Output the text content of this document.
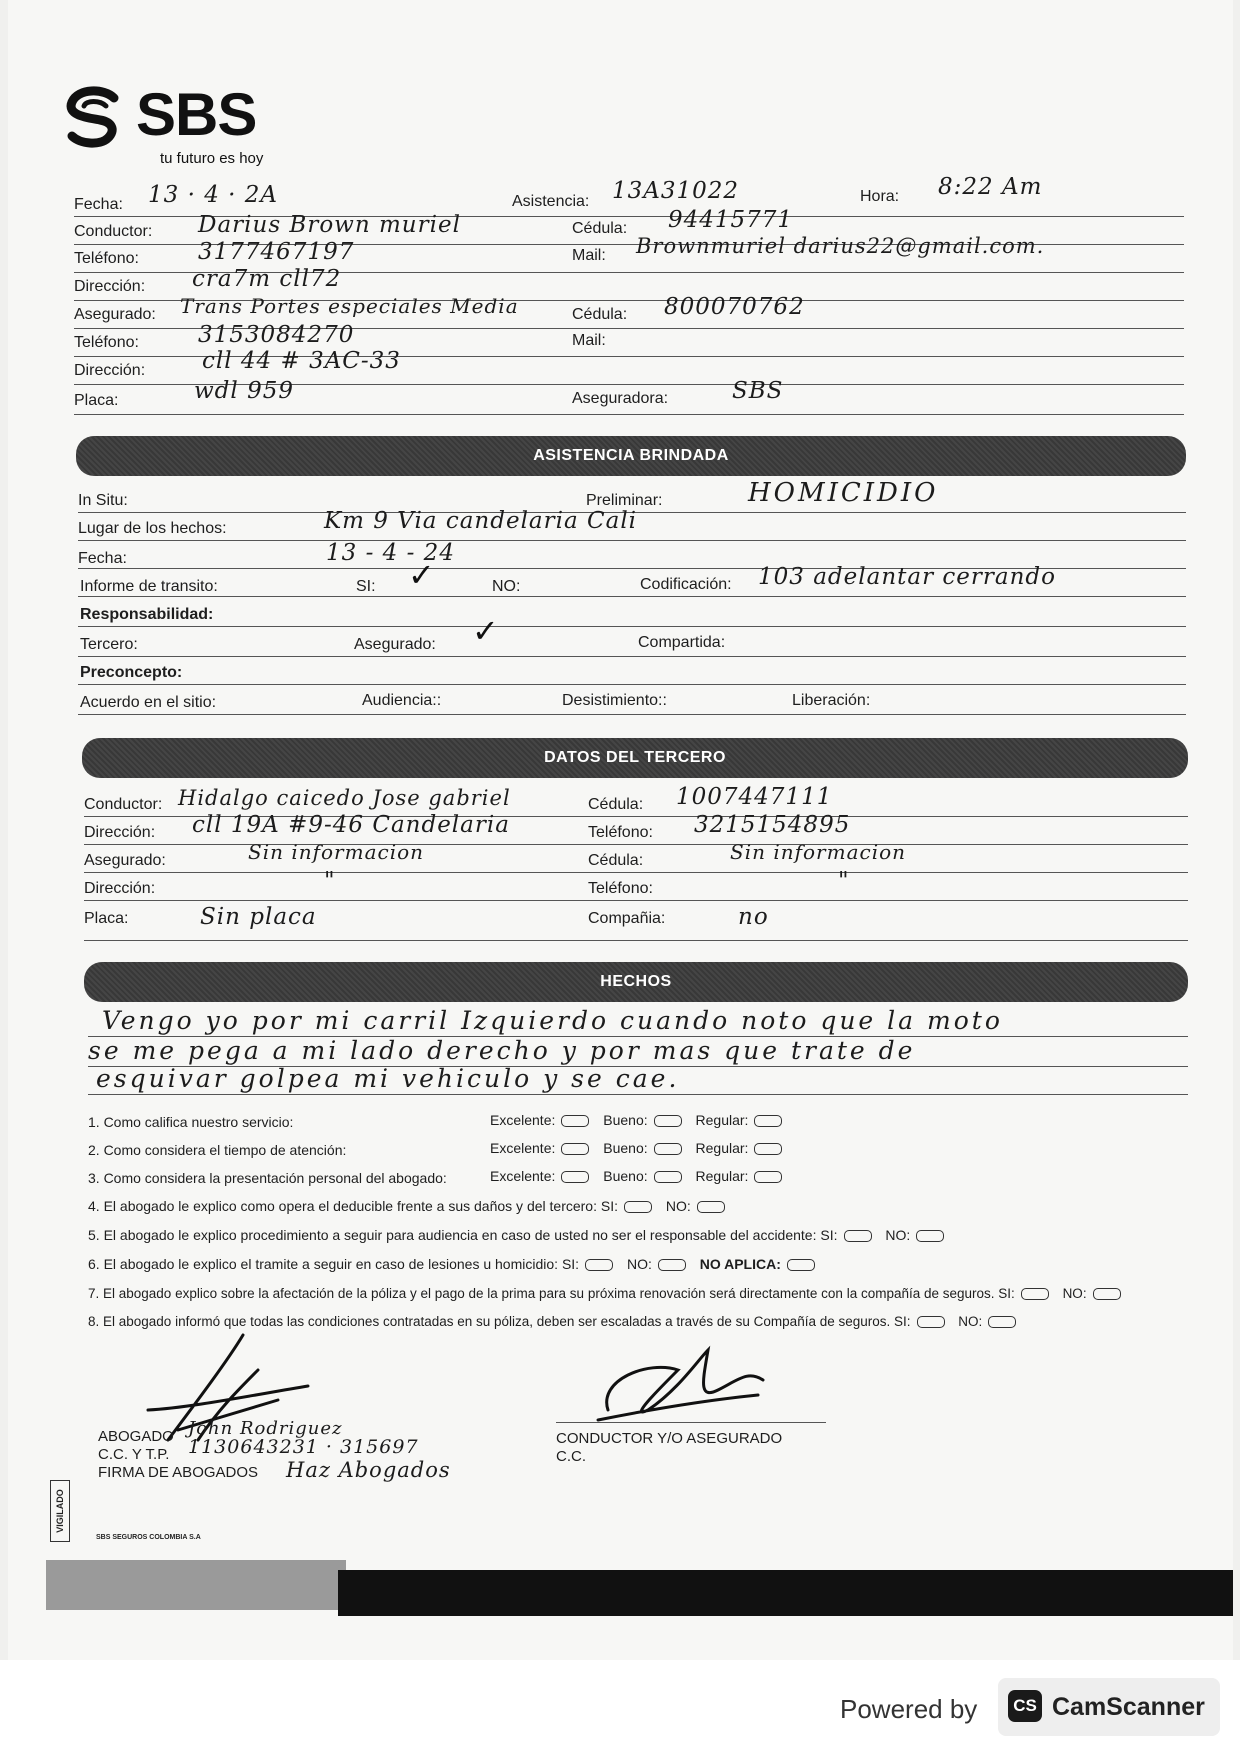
SBS
tu futuro es hoy
Fecha: 13 · 4 · 2A	Asistencia: 13A31022	Hora: 8:22 Am
Conductor: Darius Brown muriel	Cédula: 94415771
Teléfono:	3177467197	Mail: Brownmuriel darius22@gmail.com.
Dirección: cra7m cll72
Asegurado: Trans Portes especiales Media	Cédula: 800070762
Teléfono:	3153084270	Mail:
Dirección: cll 44 # 3AC-33
Placa:	wdl 959	Aseguradora:	SBS
ASISTENCIA BRINDADA
In Situ:	Preliminar:	HOMICIDIO
Lugar de los hechos:	Km 9 Via candelaria Cali
Fecha:	13 - 4 - 24
Informe de transito:	SI: ✓	NO:	Codificación: 103 adelantar cerrando
Responsabilidad:
Tercero:	Asegurado: ✓	Compartida:
Preconcepto:
Acuerdo en el sitio:	Audiencia::	Desistimiento::	Liberación:
DATOS DEL TERCERO
Conductor: Hidalgo caicedo Jose gabriel	Cédula: 1007447111
Dirección: cll 19A #9-46 Candelaria	Teléfono: 3215154895
Asegurado:	Sin informacion	Cédula:	Sin informacion
Dirección:	"	Teléfono:	"
Placa:	Sin placa	Compañia:	no
HECHOS
Vengo yo por mi carril Izquierdo cuando noto que la moto
se me pega a mi lado derecho y por mas que trate de
esquivar golpea mi vehiculo y se cae.
1. Como califica nuestro servicio:	Excelente:	Bueno:	Regular:
2. Como considera el tiempo de atención:	Excelente:	Bueno:	Regular:
3. Como considera la presentación personal del abogado:	Excelente:	Bueno:	Regular:
4. El abogado le explico como opera el deducible frente a sus daños y del tercero: SI:	NO:
5. El abogado le explico procedimiento a seguir para audiencia en caso de usted no ser el responsable del accidente: SI:	NO:
6. El abogado le explico el tramite a seguir en caso de lesiones u homicidio: SI:	NO:	NO APLICA:
7. El abogado explico sobre la afectación de la póliza y el pago de la prima para su próxima renovación será directamente con la compañía de seguros. SI:	NO:
8. El abogado informó que todas las condiciones contratadas en su póliza, deben ser escaladas a través de su Compañía de seguros. SI:	NO:
ABOGADO John Rodriguez
C.C. Y T.P. 1130643231 · 315697
FIRMA DE ABOGADOS Haz Abogados
CONDUCTOR Y/O ASEGURADO
C.C.
VIGILADO
SBS SEGUROS COLOMBIA S.A
Powered by	CS CamScanner
